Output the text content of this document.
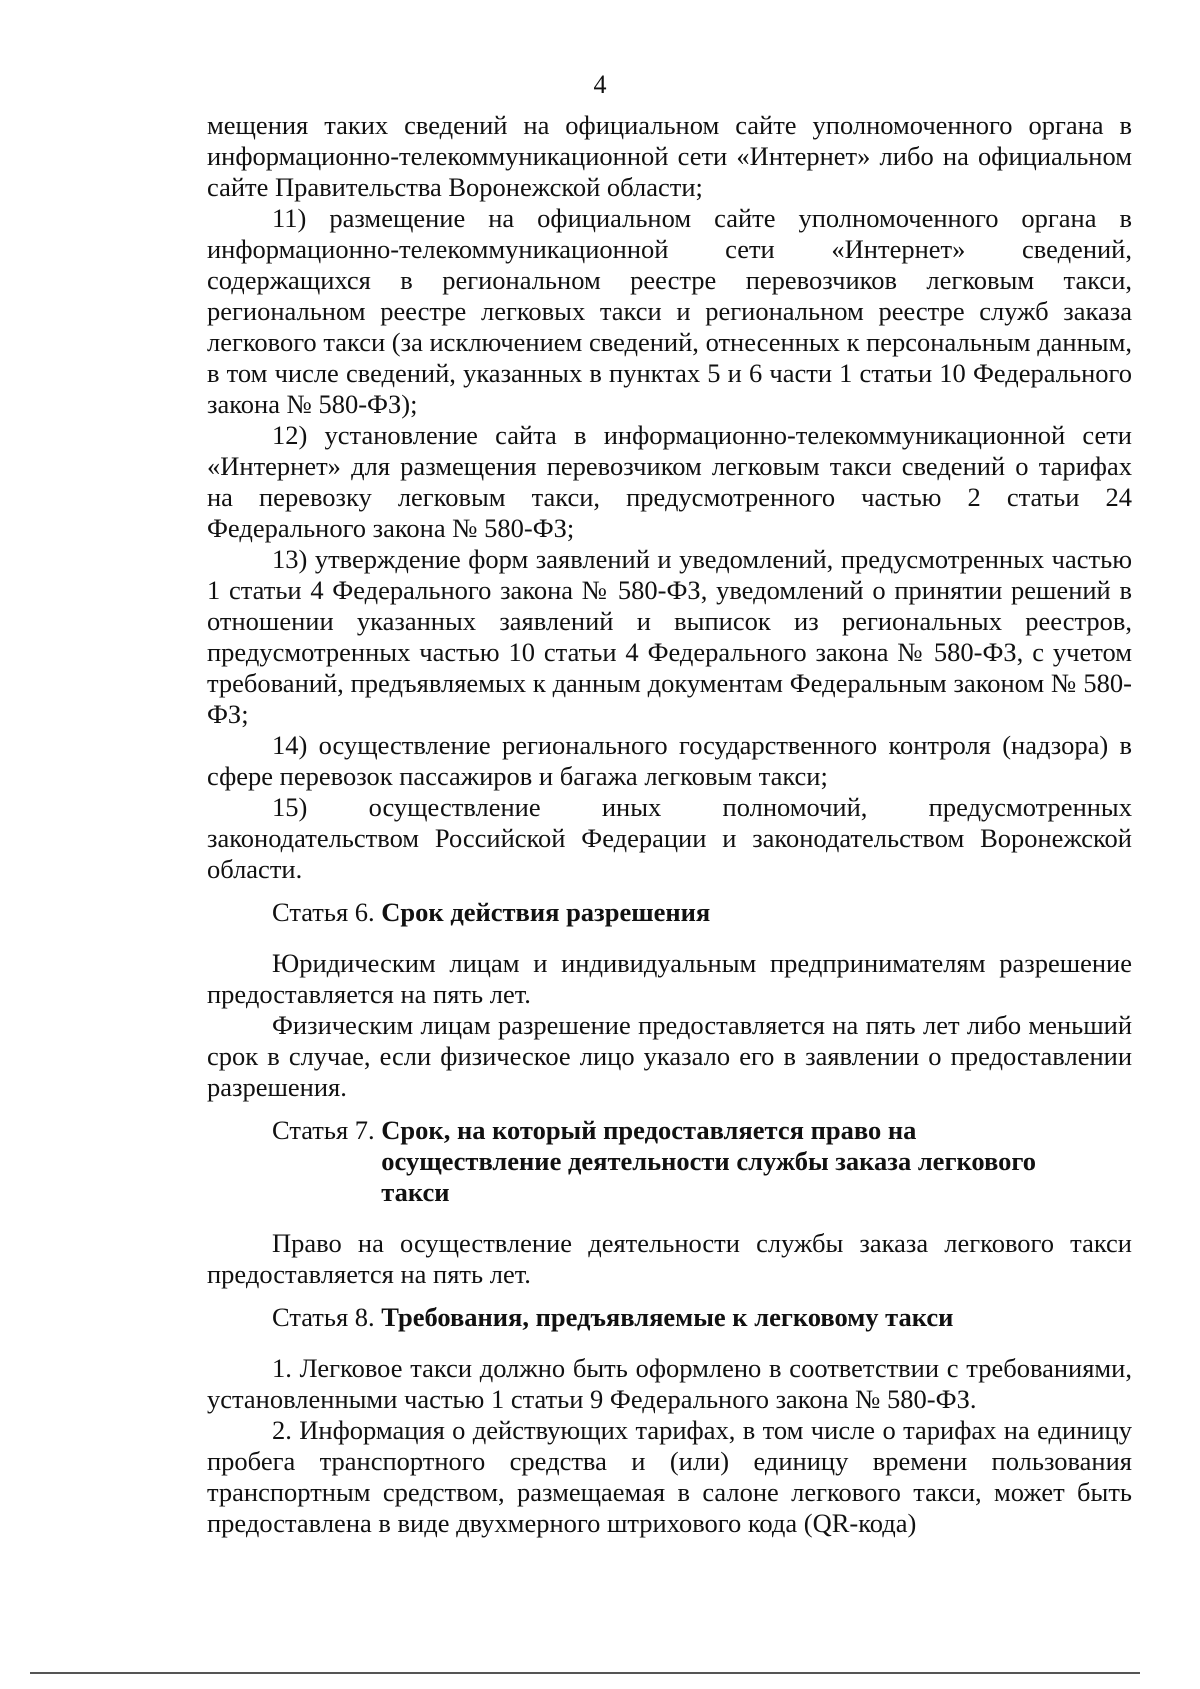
4

мещения таких сведений на официальном сайте уполномоченного органа в информационно-телекоммуникационной сети «Интернет» либо на официальном сайте Правительства Воронежской области;

11) размещение на официальном сайте уполномоченного органа в информационно-телекоммуникационной сети «Интернет» сведений, содержащихся в региональном реестре перевозчиков легковым такси, региональном реестре легковых такси и региональном реестре служб заказа легкового такси (за исключением сведений, отнесенных к персональным данным, в том числе сведений, указанных в пунктах 5 и 6 части 1 статьи 10 Федерального закона № 580-ФЗ);

12) установление сайта в информационно-телекоммуникационной сети «Интернет» для размещения перевозчиком легковым такси сведений о тарифах на перевозку легковым такси, предусмотренного частью 2 статьи 24 Федерального закона № 580-ФЗ;

13) утверждение форм заявлений и уведомлений, предусмотренных частью 1 статьи 4 Федерального закона № 580-ФЗ, уведомлений о принятии решений в отношении указанных заявлений и выписок из региональных реестров, предусмотренных частью 10 статьи 4 Федерального закона № 580-ФЗ, с учетом требований, предъявляемых к данным документам Федеральным законом № 580-ФЗ;

14) осуществление регионального государственного контроля (надзора) в сфере перевозок пассажиров и багажа легковым такси;

15) осуществление иных полномочий, предусмотренных законодательством Российской Федерации и законодательством Воронежской области.

Статья 6. Срок действия разрешения

Юридическим лицам и индивидуальным предпринимателям разрешение предоставляется на пять лет.

Физическим лицам разрешение предоставляется на пять лет либо меньший срок в случае, если физическое лицо указало его в заявлении о предоставлении разрешения.

Статья 7. Срок, на который предоставляется право на осуществление деятельности службы заказа легкового такси

Право на осуществление деятельности службы заказа легкового такси предоставляется на пять лет.

Статья 8. Требования, предъявляемые к легковому такси

1. Легковое такси должно быть оформлено в соответствии с требованиями, установленными частью 1 статьи 9 Федерального закона № 580-ФЗ.

2. Информация о действующих тарифах, в том числе о тарифах на единицу пробега транспортного средства и (или) единицу времени пользования транспортным средством, размещаемая в салоне легкового такси, может быть предоставлена в виде двухмерного штрихового кода (QR-кода)
